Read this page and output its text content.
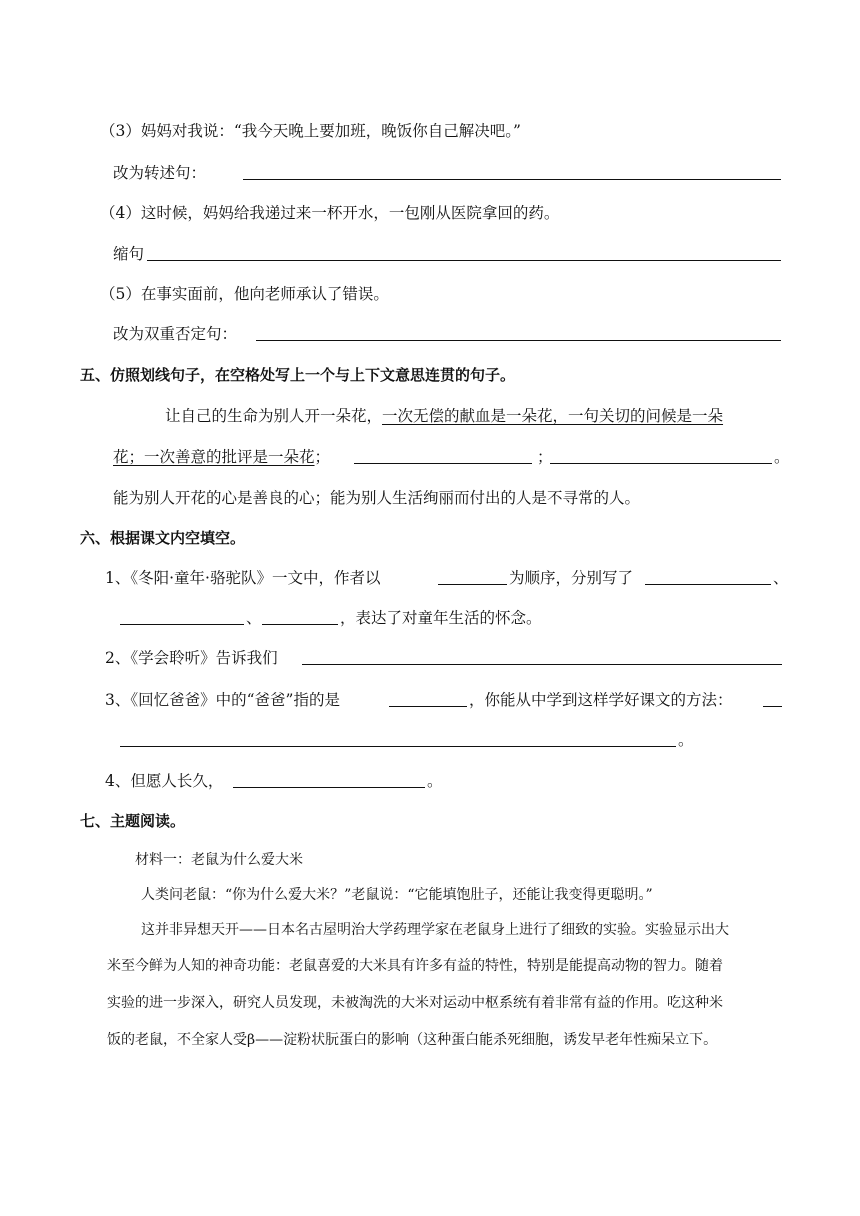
（3）妈妈对我说：“我今天晚上要加班，晚饭你自己解决吧。”
改为转述句：
（4）这时候，妈妈给我递过来一杯开水，一包刚从医院拿回的药。
缩句
（5）在事实面前，他向老师承认了错误。
改为双重否定句：
五、仿照划线句子，在空格处写上一个与上下文意思连贯的句子。
让自己的生命为别人开一朵花，一次无偿的献血是一朵花，一句关切的问候是一朵
花；一次善意的批评是一朵花；	；	。
能为别人开花的心是善良的心；能为别人生活绚丽而付出的人是不寻常的人。
六、根据课文内空填空。
1、《冬阳·童年·骆驼队》一文中，作者以	为顺序，分别写了	、
、	，表达了对童年生活的怀念。
2、《学会聆听》告诉我们
3、《回忆爸爸》中的“爸爸”指的是	，你能从中学到这样学好课文的方法：
。
4、但愿人长久，	。
七、主题阅读。
材料一：老鼠为什么爱大米
人类问老鼠：“你为什么爱大米？”老鼠说：“它能填饱肚子，还能让我变得更聪明。”
这并非异想天开——日本名古屋明治大学药理学家在老鼠身上进行了细致的实验。实验显示出大
米至今鲜为人知的神奇功能：老鼠喜爱的大米具有许多有益的特性，特别是能提高动物的智力。随着
实验的进一步深入，研究人员发现，未被淘洗的大米对运动中枢系统有着非常有益的作用。吃这种米
饭的老鼠，不全家人受β——淀粉状朊蛋白的影响（这种蛋白能杀死细胞，诱发早老年性痴呆立下。
